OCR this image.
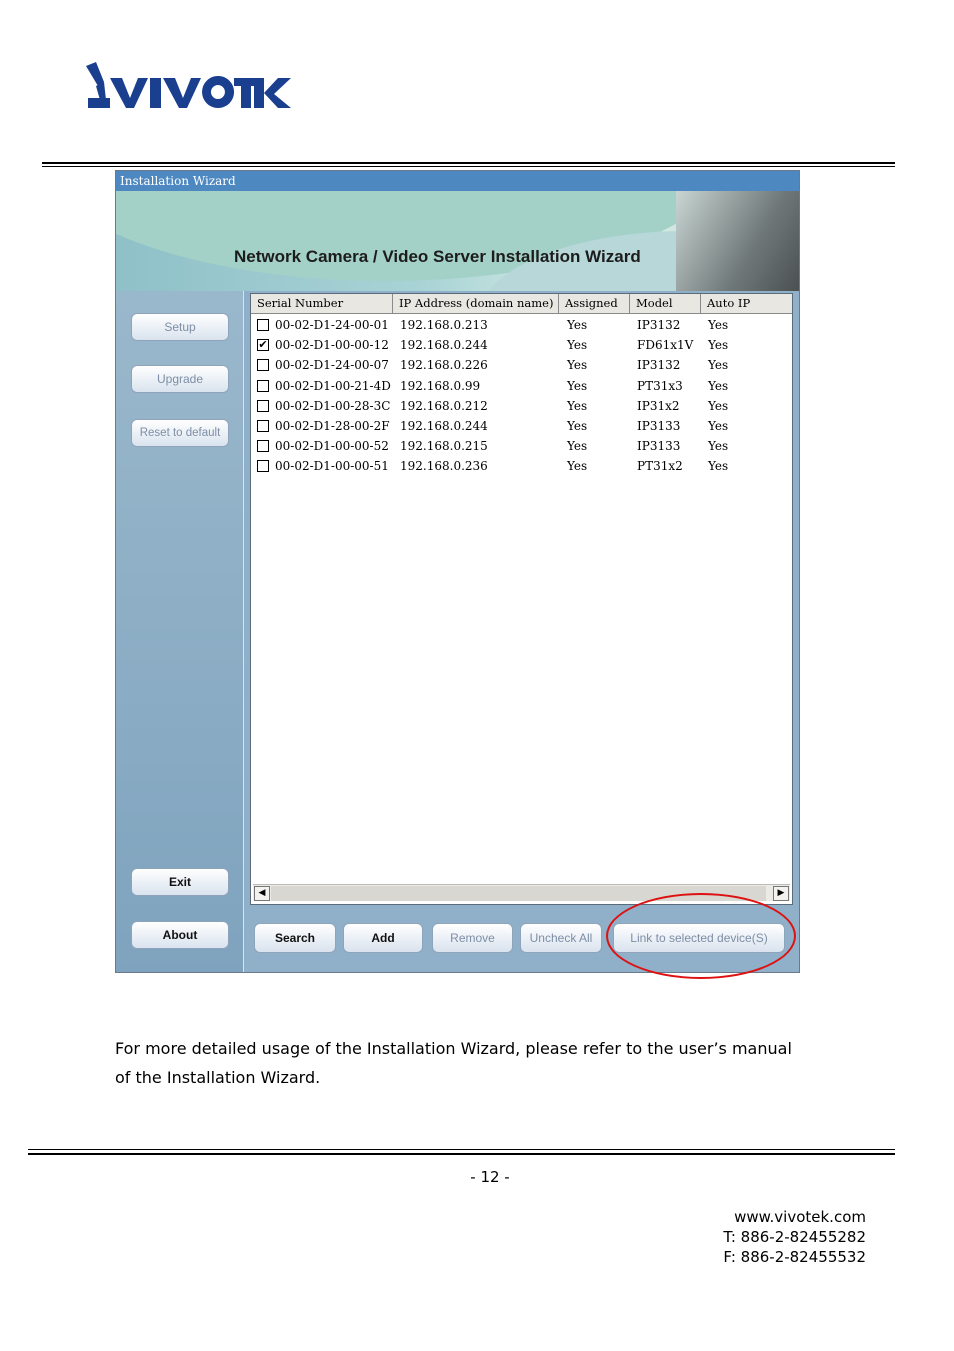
Installation Wizard
Network Camera / Video Server Installation Wizard
Setup
Upgrade
Reset to default
Exit
About
Serial Number	IP Address (domain name)	Assigned	Model	Auto IP
00-02-D1-24-00-01 192.168.0.213	Yes	IP3132 Yes
✔ 00-02-D1-00-00-12 192.168.0.244	Yes	FD61x1V Yes
00-02-D1-24-00-07 192.168.0.226	Yes	IP3132 Yes
00-02-D1-00-21-4D 192.168.0.99	Yes	PT31x3 Yes
00-02-D1-00-28-3C 192.168.0.212	Yes	IP31x2 Yes
00-02-D1-28-00-2F 192.168.0.244	Yes	IP3133 Yes
00-02-D1-00-00-52 192.168.0.215	Yes	IP3133 Yes
00-02-D1-00-00-51 192.168.0.236	Yes	PT31x2 Yes
◀	▶
Search	Add	Remove	Uncheck All	Link to selected device(S)
For more detailed usage of the Installation Wizard, please refer to the user’s manual
of the Installation Wizard.
- 12 -
www.vivotek.com
T: 886-2-82455282
F: 886-2-82455532
